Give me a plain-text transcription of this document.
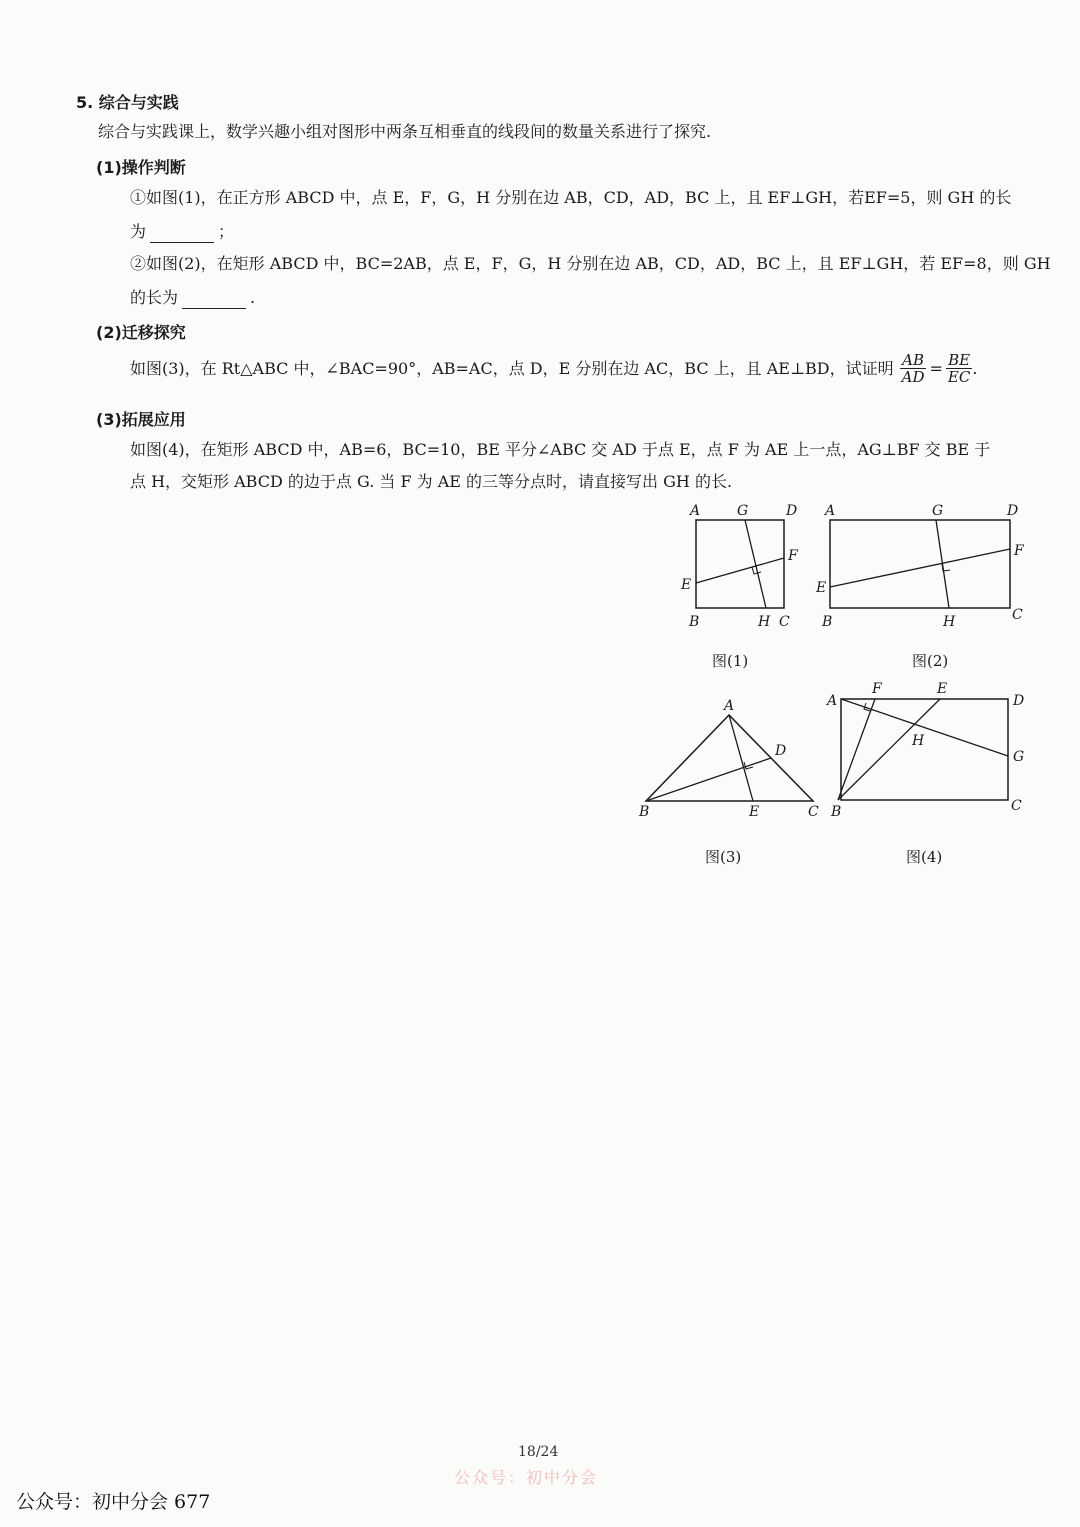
5. 综合与实践
综合与实践课上，数学兴趣小组对图形中两条互相垂直的线段间的数量关系进行了探究.
(1)操作判断
①如图(1)，在正方形 ABCD 中，点 E，F，G，H 分别在边 AB，CD，AD，BC 上，且 EF⊥GH，若EF=5，则 GH 的长
为	；
②如图(2)，在矩形 ABCD 中，BC=2AB，点 E，F，G，H 分别在边 AB，CD，AD，BC 上，且 EF⊥GH，若 EF=8，则 GH
的长为	.
(2)迁移探究
如图(3)，在 Rt△ABC 中，∠BAC=90°，AB=AC，点 D，E 分别在边 AC，BC 上，且 AE⊥BD，试证明 $\frac{AB}{AD} = \frac{BE}{EC}$ .
(3)拓展应用
如图(4)，在矩形 ABCD 中，AB=6，BC=10，BE 平分∠ABC 交 AD 于点 E，点 F 为 AE 上一点，AG⊥BF 交 BE 于
点 H，交矩形 ABCD 的边于点 G. 当 F 为 AE 的三等分点时，请直接写出 GH 的长.
A	G	D
F
E
B	H C
图(1)
A	G	D
F
E
B	H	C
图(2)
A
D
B	E	C
图(3)
A
F	E
D
H
G
B	C
图(4)
18/24
公众号：初中分会
公众号：初中分会 677
